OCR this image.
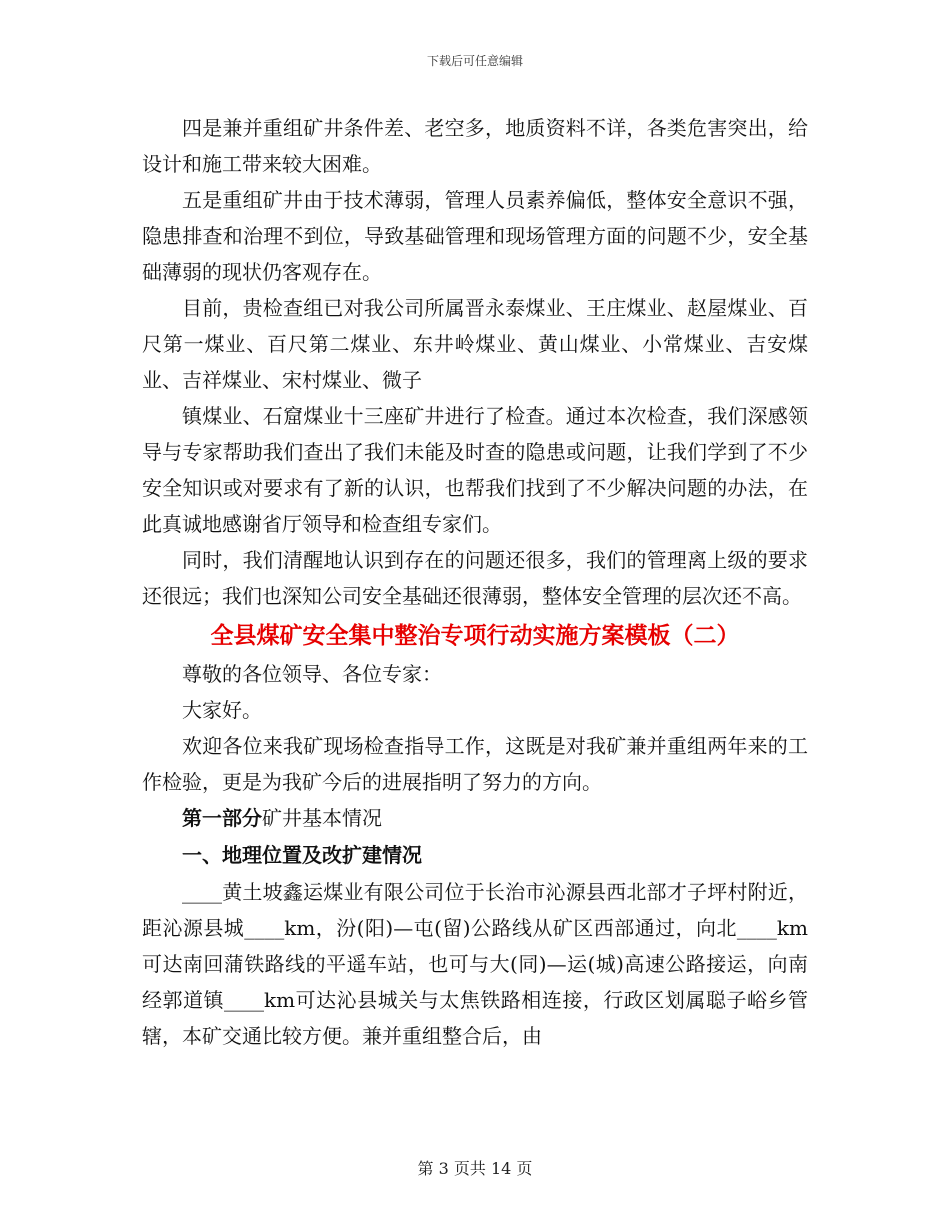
下载后可任意编辑

四是兼并重组矿井条件差、老空多，地质资料不详，各类危害突出，给设计和施工带来较大困难。

五是重组矿井由于技术薄弱，管理人员素养偏低，整体安全意识不强，隐患排查和治理不到位，导致基础管理和现场管理方面的问题不少，安全基础薄弱的现状仍客观存在。

目前，贵检查组已对我公司所属晋永泰煤业、王庄煤业、赵屋煤业、百尺第一煤业、百尺第二煤业、东井岭煤业、黄山煤业、小常煤业、吉安煤业、吉祥煤业、宋村煤业、微子

镇煤业、石窟煤业十三座矿井进行了检查。通过本次检查，我们深感领导与专家帮助我们查出了我们未能及时查的隐患或问题，让我们学到了不少安全知识或对要求有了新的认识，也帮我们找到了不少解决问题的办法，在此真诚地感谢省厅领导和检查组专家们。

同时，我们清醒地认识到存在的问题还很多，我们的管理离上级的要求还很远；我们也深知公司安全基础还很薄弱，整体安全管理的层次还不高。

全县煤矿安全集中整治专项行动实施方案模板（二）

尊敬的各位领导、各位专家：

大家好。

欢迎各位来我矿现场检查指导工作，这既是对我矿兼并重组两年来的工作检验，更是为我矿今后的进展指明了努力的方向。

第一部分矿井基本情况

一、地理位置及改扩建情况

____黄土坡鑫运煤业有限公司位于长治市沁源县西北部才子坪村附近，距沁源县城____km，汾(阳)—屯(留)公路线从矿区西部通过，向北____km可达南回蒲铁路线的平遥车站，也可与大(同)—运(城)高速公路接运，向南经郭道镇____km可达沁县城关与太焦铁路相连接，行政区划属聪子峪乡管辖，本矿交通比较方便。兼并重组整合后，由

第 3 页共 14 页
